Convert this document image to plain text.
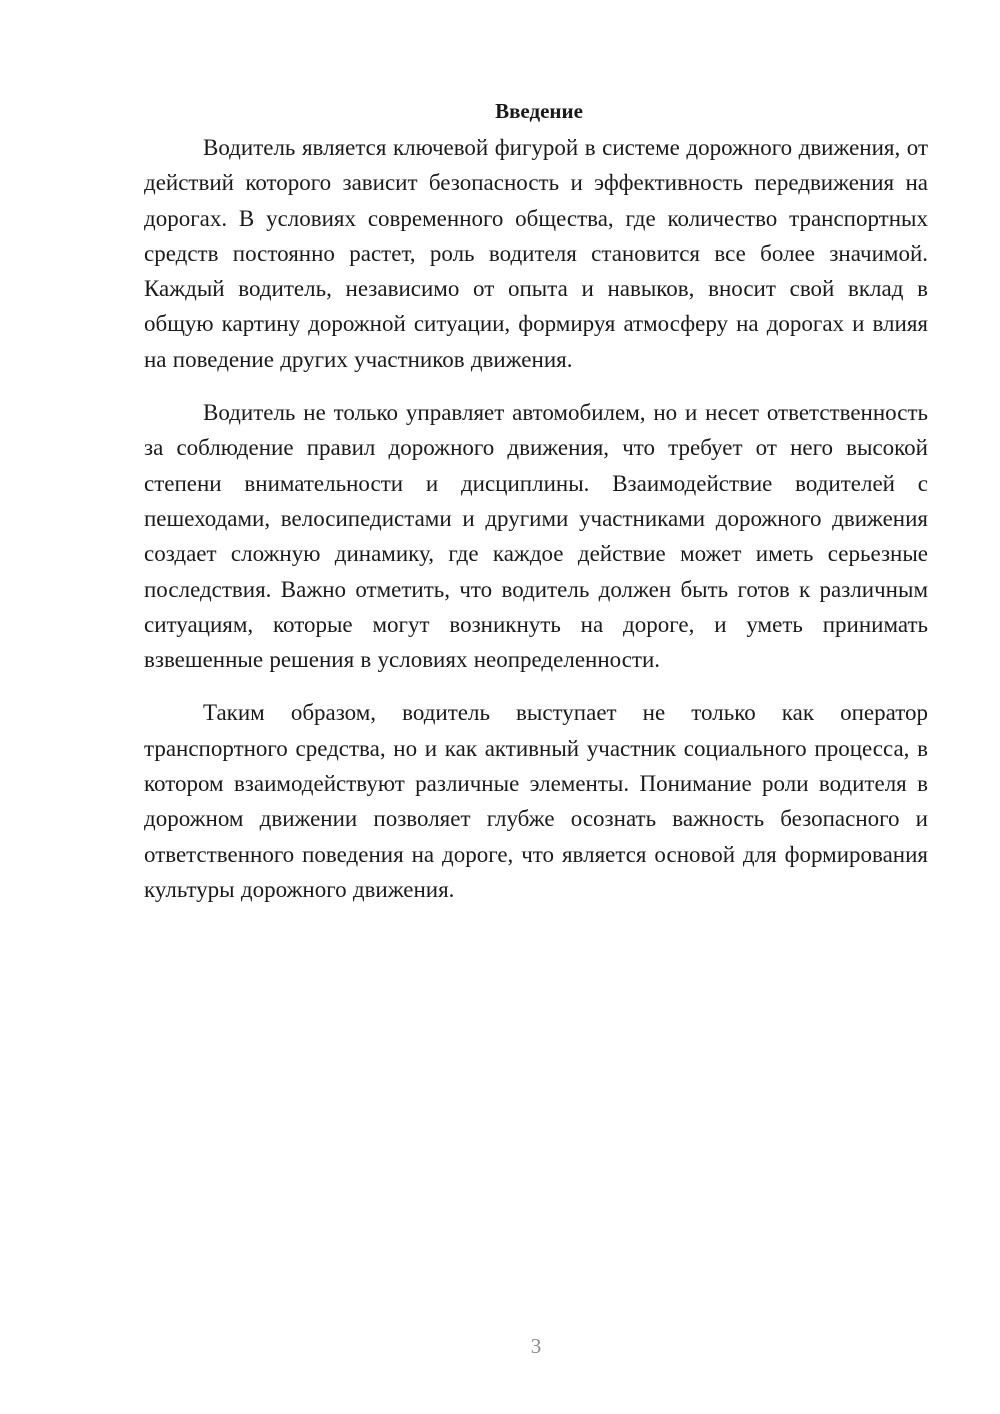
Введение

Водитель является ключевой фигурой в системе дорожного движения, от действий которого зависит безопасность и эффективность передвижения на дорогах. В условиях современного общества, где количество транспортных средств постоянно растет, роль водителя становится все более значимой. Каждый водитель, независимо от опыта и навыков, вносит свой вклад в общую картину дорожной ситуации, формируя атмосферу на дорогах и влияя на поведение других участников движения.

Водитель не только управляет автомобилем, но и несет ответственность за соблюдение правил дорожного движения, что требует от него высокой степени внимательности и дисциплины. Взаимодействие водителей с пешеходами, велосипедистами и другими участниками дорожного движения создает сложную динамику, где каждое действие может иметь серьезные последствия. Важно отметить, что водитель должен быть готов к различным ситуациям, которые могут возникнуть на дороге, и уметь принимать взвешенные решения в условиях неопределенности.

Таким образом, водитель выступает не только как оператор транспортного средства, но и как активный участник социального процесса, в котором взаимодействуют различные элементы. Понимание роли водителя в дорожном движении позволяет глубже осознать важность безопасного и ответственного поведения на дороге, что является основой для формирования культуры дорожного движения.

3
